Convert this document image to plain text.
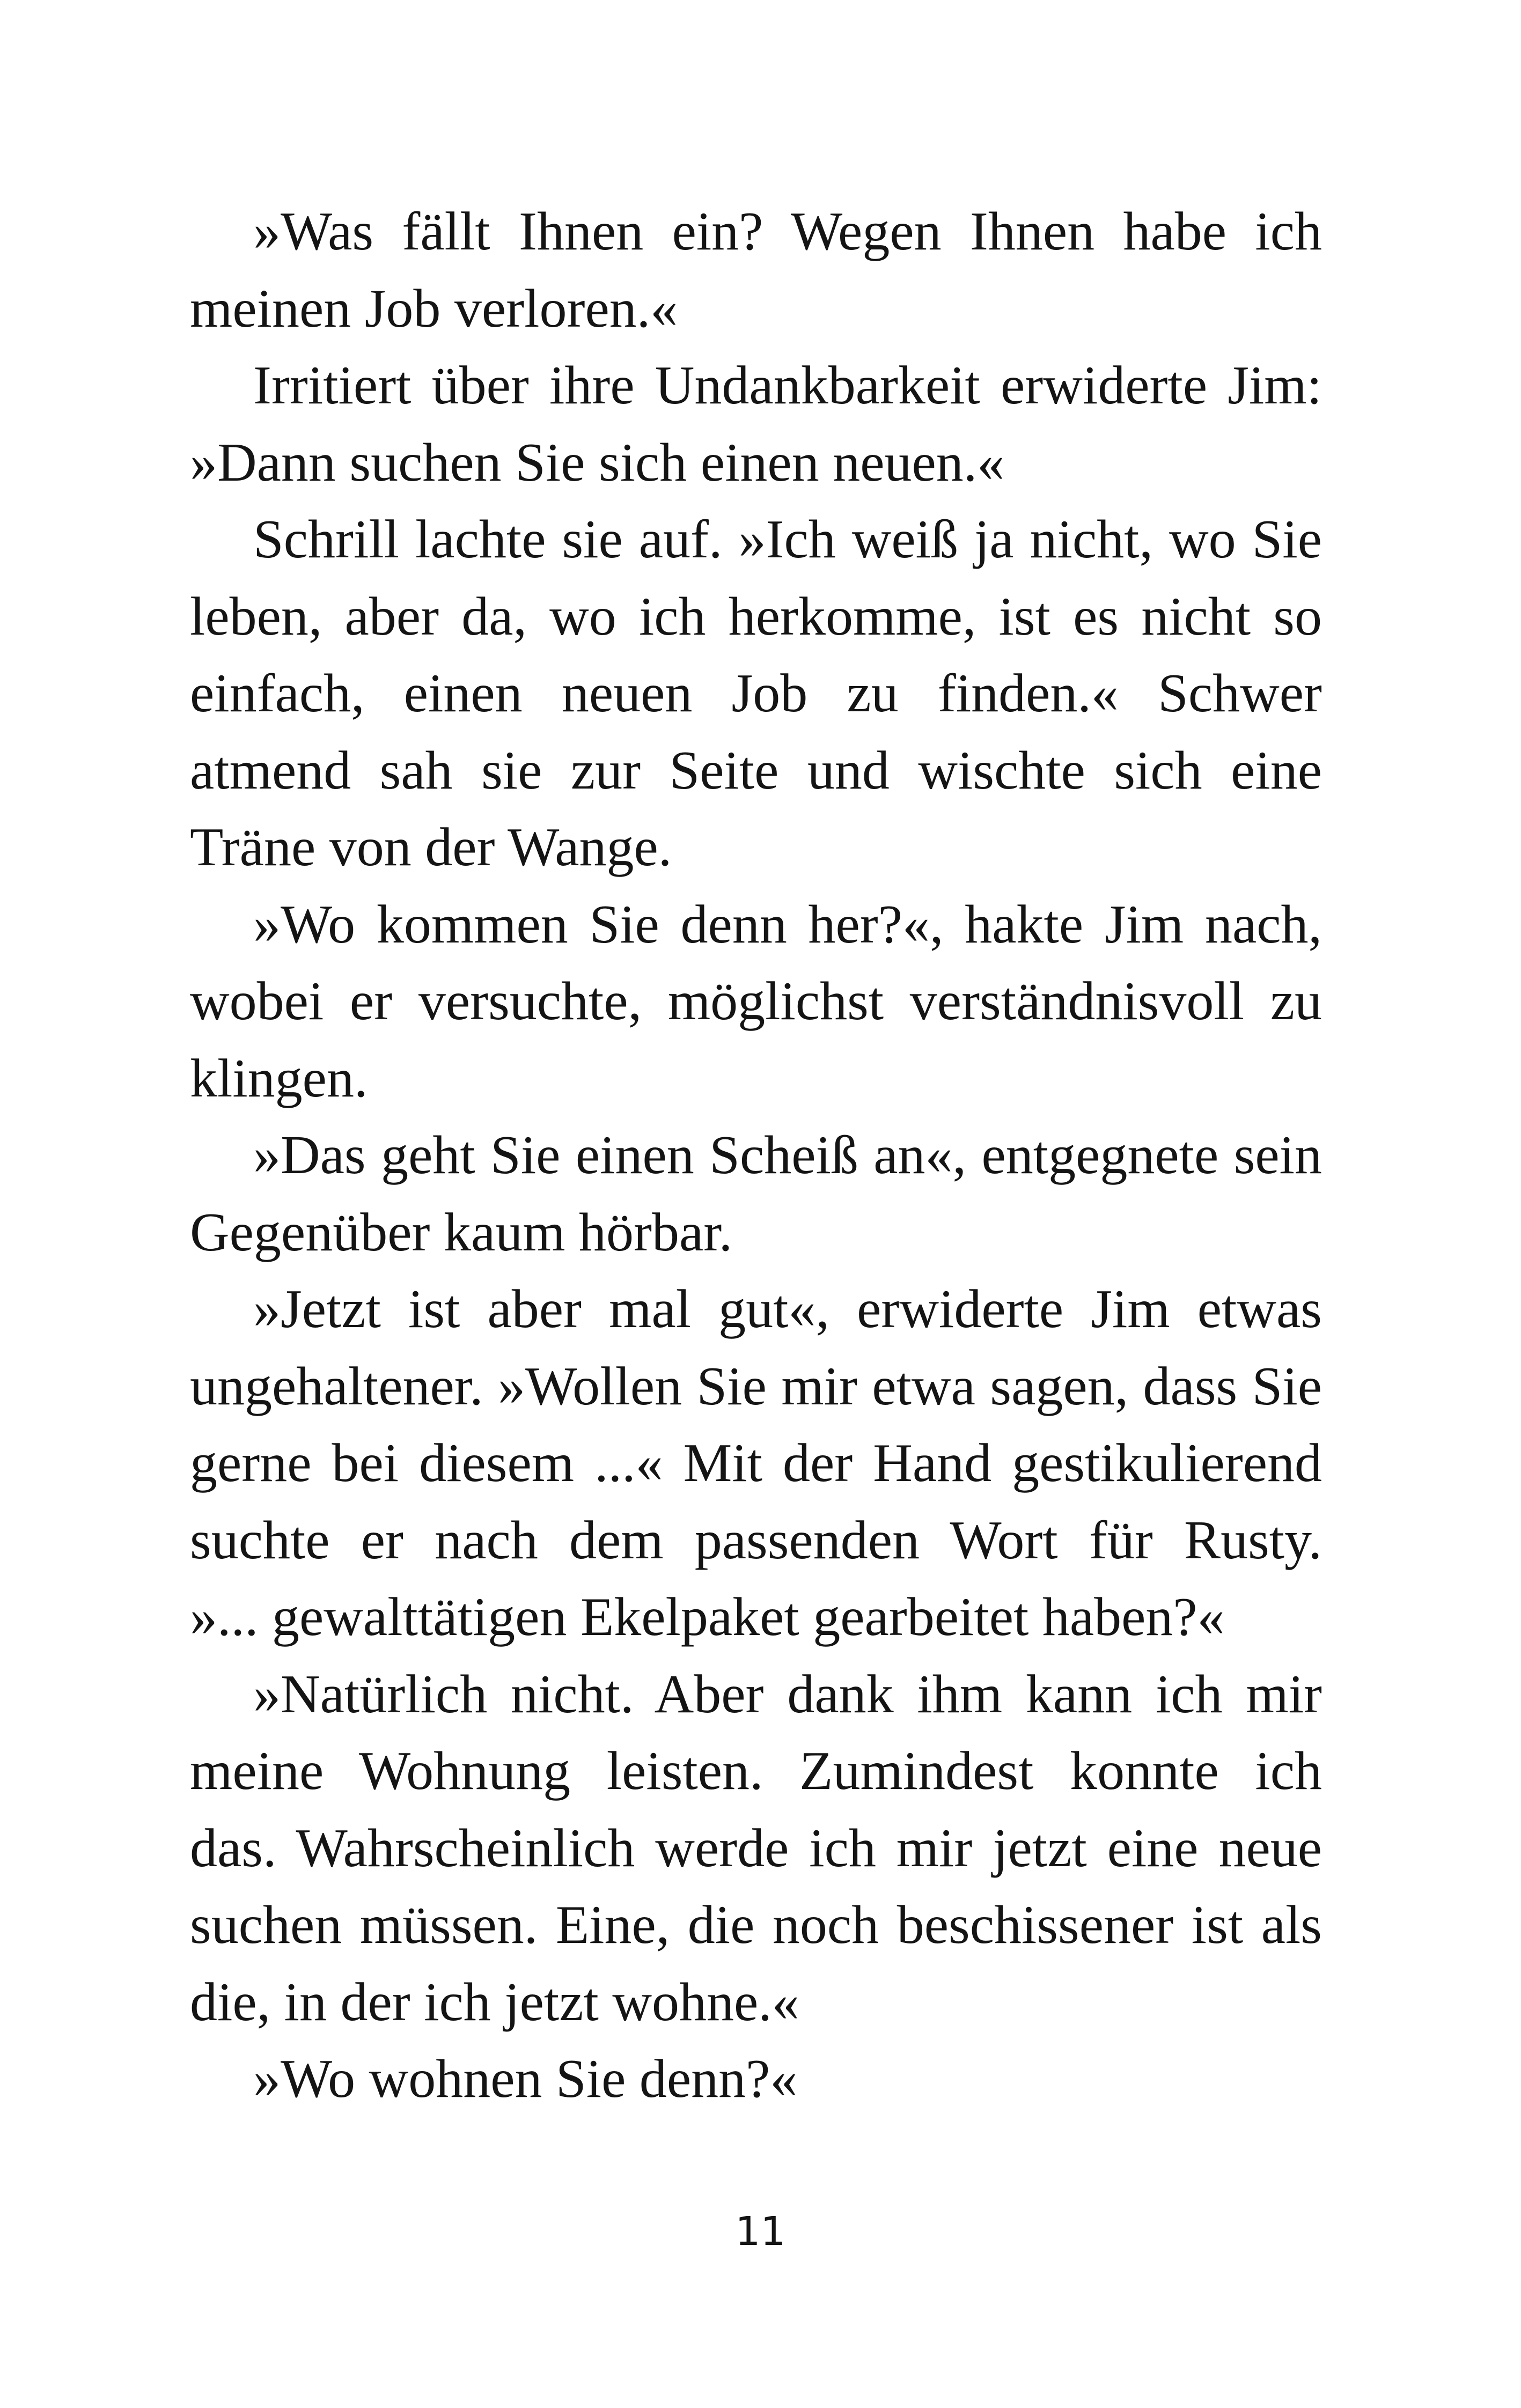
»Was fällt Ihnen ein? Wegen Ihnen habe ich
meinen Job verloren.«
Irritiert über ihre Undankbarkeit erwiderte Jim:
»Dann suchen Sie sich einen neuen.«
Schrill lachte sie auf. »Ich weiß ja nicht, wo Sie
leben, aber da, wo ich herkomme, ist es nicht so
einfach, einen neuen Job zu finden.« Schwer
atmend sah sie zur Seite und wischte sich eine
Träne von der Wange.
»Wo kommen Sie denn her?«, hakte Jim nach,
wobei er versuchte, möglichst verständnisvoll zu
klingen.
»Das geht Sie einen Scheiß an«, entgegnete sein
Gegenüber kaum hörbar.
»Jetzt ist aber mal gut«, erwiderte Jim etwas
ungehaltener. »Wollen Sie mir etwa sagen, dass Sie
gerne bei diesem ...« Mit der Hand gestikulierend
suchte er nach dem passenden Wort für Rusty.
»... gewalttätigen Ekelpaket gearbeitet haben?«
»Natürlich nicht. Aber dank ihm kann ich mir
meine Wohnung leisten. Zumindest konnte ich
das. Wahrscheinlich werde ich mir jetzt eine neue
suchen müssen. Eine, die noch beschissener ist als
die, in der ich jetzt wohne.«
»Wo wohnen Sie denn?«
11
